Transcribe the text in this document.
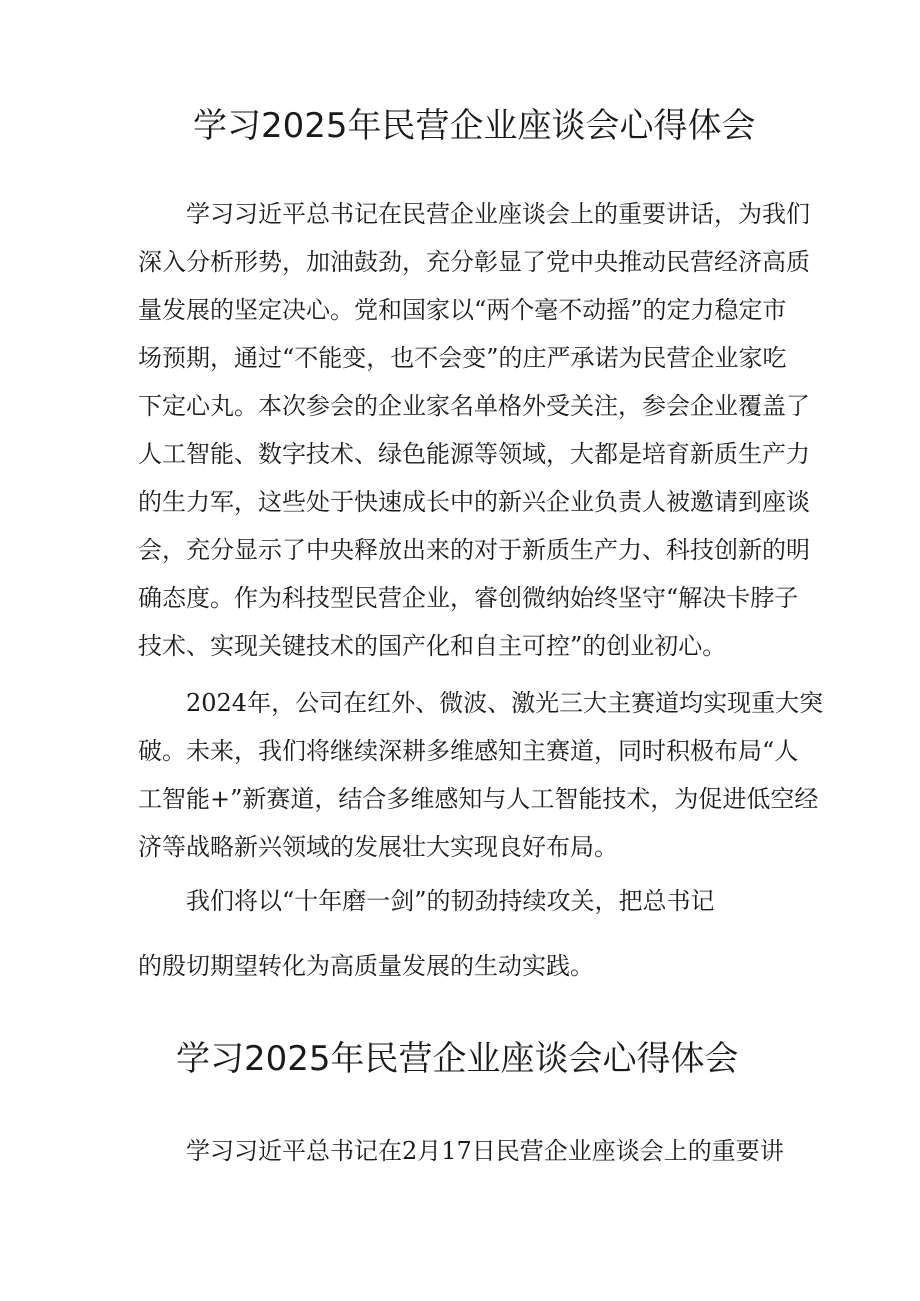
学习2025年民营企业座谈会心得体会
学习习近平总书记在民营企业座谈会上的重要讲话，为我们
深入分析形势，加油鼓劲，充分彰显了党中央推动民营经济高质
量发展的坚定决心。党和国家以“两个毫不动摇”的定力稳定市
场预期，通过“不能变，也不会变”的庄严承诺为民营企业家吃
下定心丸。本次参会的企业家名单格外受关注，参会企业覆盖了
人工智能、数字技术、绿色能源等领域，大都是培育新质生产力
的生力军，这些处于快速成长中的新兴企业负责人被邀请到座谈
会，充分显示了中央释放出来的对于新质生产力、科技创新的明
确态度。作为科技型民营企业，睿创微纳始终坚守“解决卡脖子
技术、实现关键技术的国产化和自主可控”的创业初心。
2024年，公司在红外、微波、激光三大主赛道均实现重大突
破。未来，我们将继续深耕多维感知主赛道，同时积极布局“人
工智能+”新赛道，结合多维感知与人工智能技术，为促进低空经
济等战略新兴领域的发展壮大实现良好布局。
我们将以“十年磨一剑”的韧劲持续攻关，把总书记
的殷切期望转化为高质量发展的生动实践。
学习2025年民营企业座谈会心得体会
学习习近平总书记在2月17日民营企业座谈会上的重要讲
